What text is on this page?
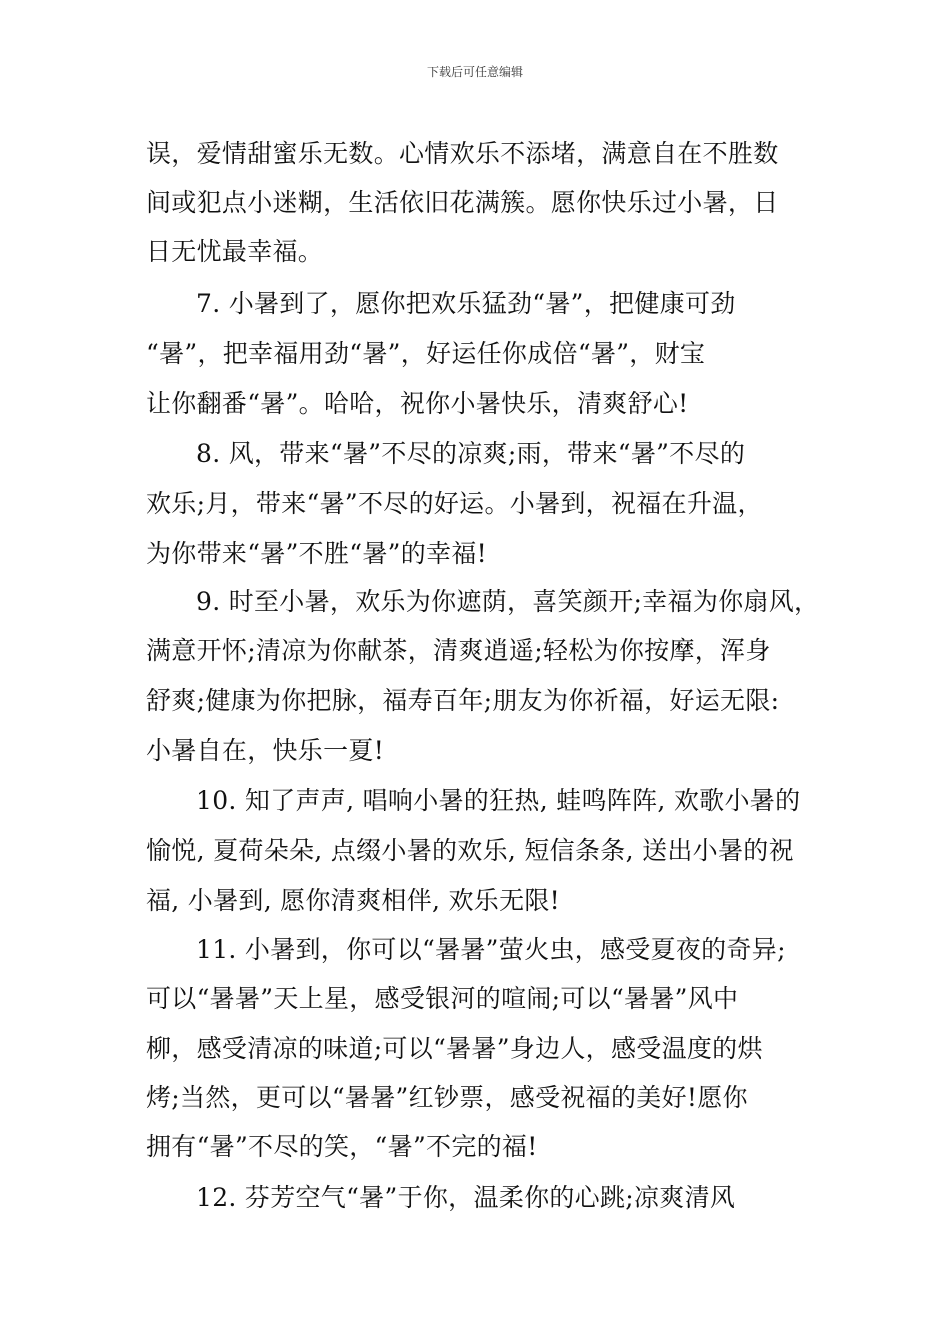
下载后可任意编辑
误，爱情甜蜜乐无数。心情欢乐不添堵，满意自在不胜数
间或犯点小迷糊，生活依旧花满簇。愿你快乐过小暑，日
日无忧最幸福。
7. 小暑到了，愿你把欢乐猛劲“暑”，把健康可劲
“暑”，把幸福用劲“暑”，好运任你成倍“暑”，财宝
让你翻番“暑”。哈哈，祝你小暑快乐，清爽舒心!
8. 风，带来“暑”不尽的凉爽;雨，带来“暑”不尽的
欢乐;月，带来“暑”不尽的好运。小暑到，祝福在升温，
为你带来“暑”不胜“暑”的幸福!
9. 时至小暑，欢乐为你遮荫，喜笑颜开;幸福为你扇风，
满意开怀;清凉为你献茶，清爽逍遥;轻松为你按摩，浑身
舒爽;健康为你把脉，福寿百年;朋友为你祈福，好运无限:
小暑自在，快乐一夏!
10. 知了声声, 唱响小暑的狂热, 蛙鸣阵阵, 欢歌小暑的
愉悦, 夏荷朵朵, 点缀小暑的欢乐, 短信条条, 送出小暑的祝
福, 小暑到, 愿你清爽相伴, 欢乐无限!
11. 小暑到，你可以“暑暑”萤火虫，感受夏夜的奇异;
可以“暑暑”天上星，感受银河的喧闹;可以“暑暑”风中
柳，感受清凉的味道;可以“暑暑”身边人，感受温度的烘
烤;当然，更可以“暑暑”红钞票，感受祝福的美好!愿你
拥有“暑”不尽的笑，“暑”不完的福!
12. 芬芳空气“暑”于你，温柔你的心跳;凉爽清风
